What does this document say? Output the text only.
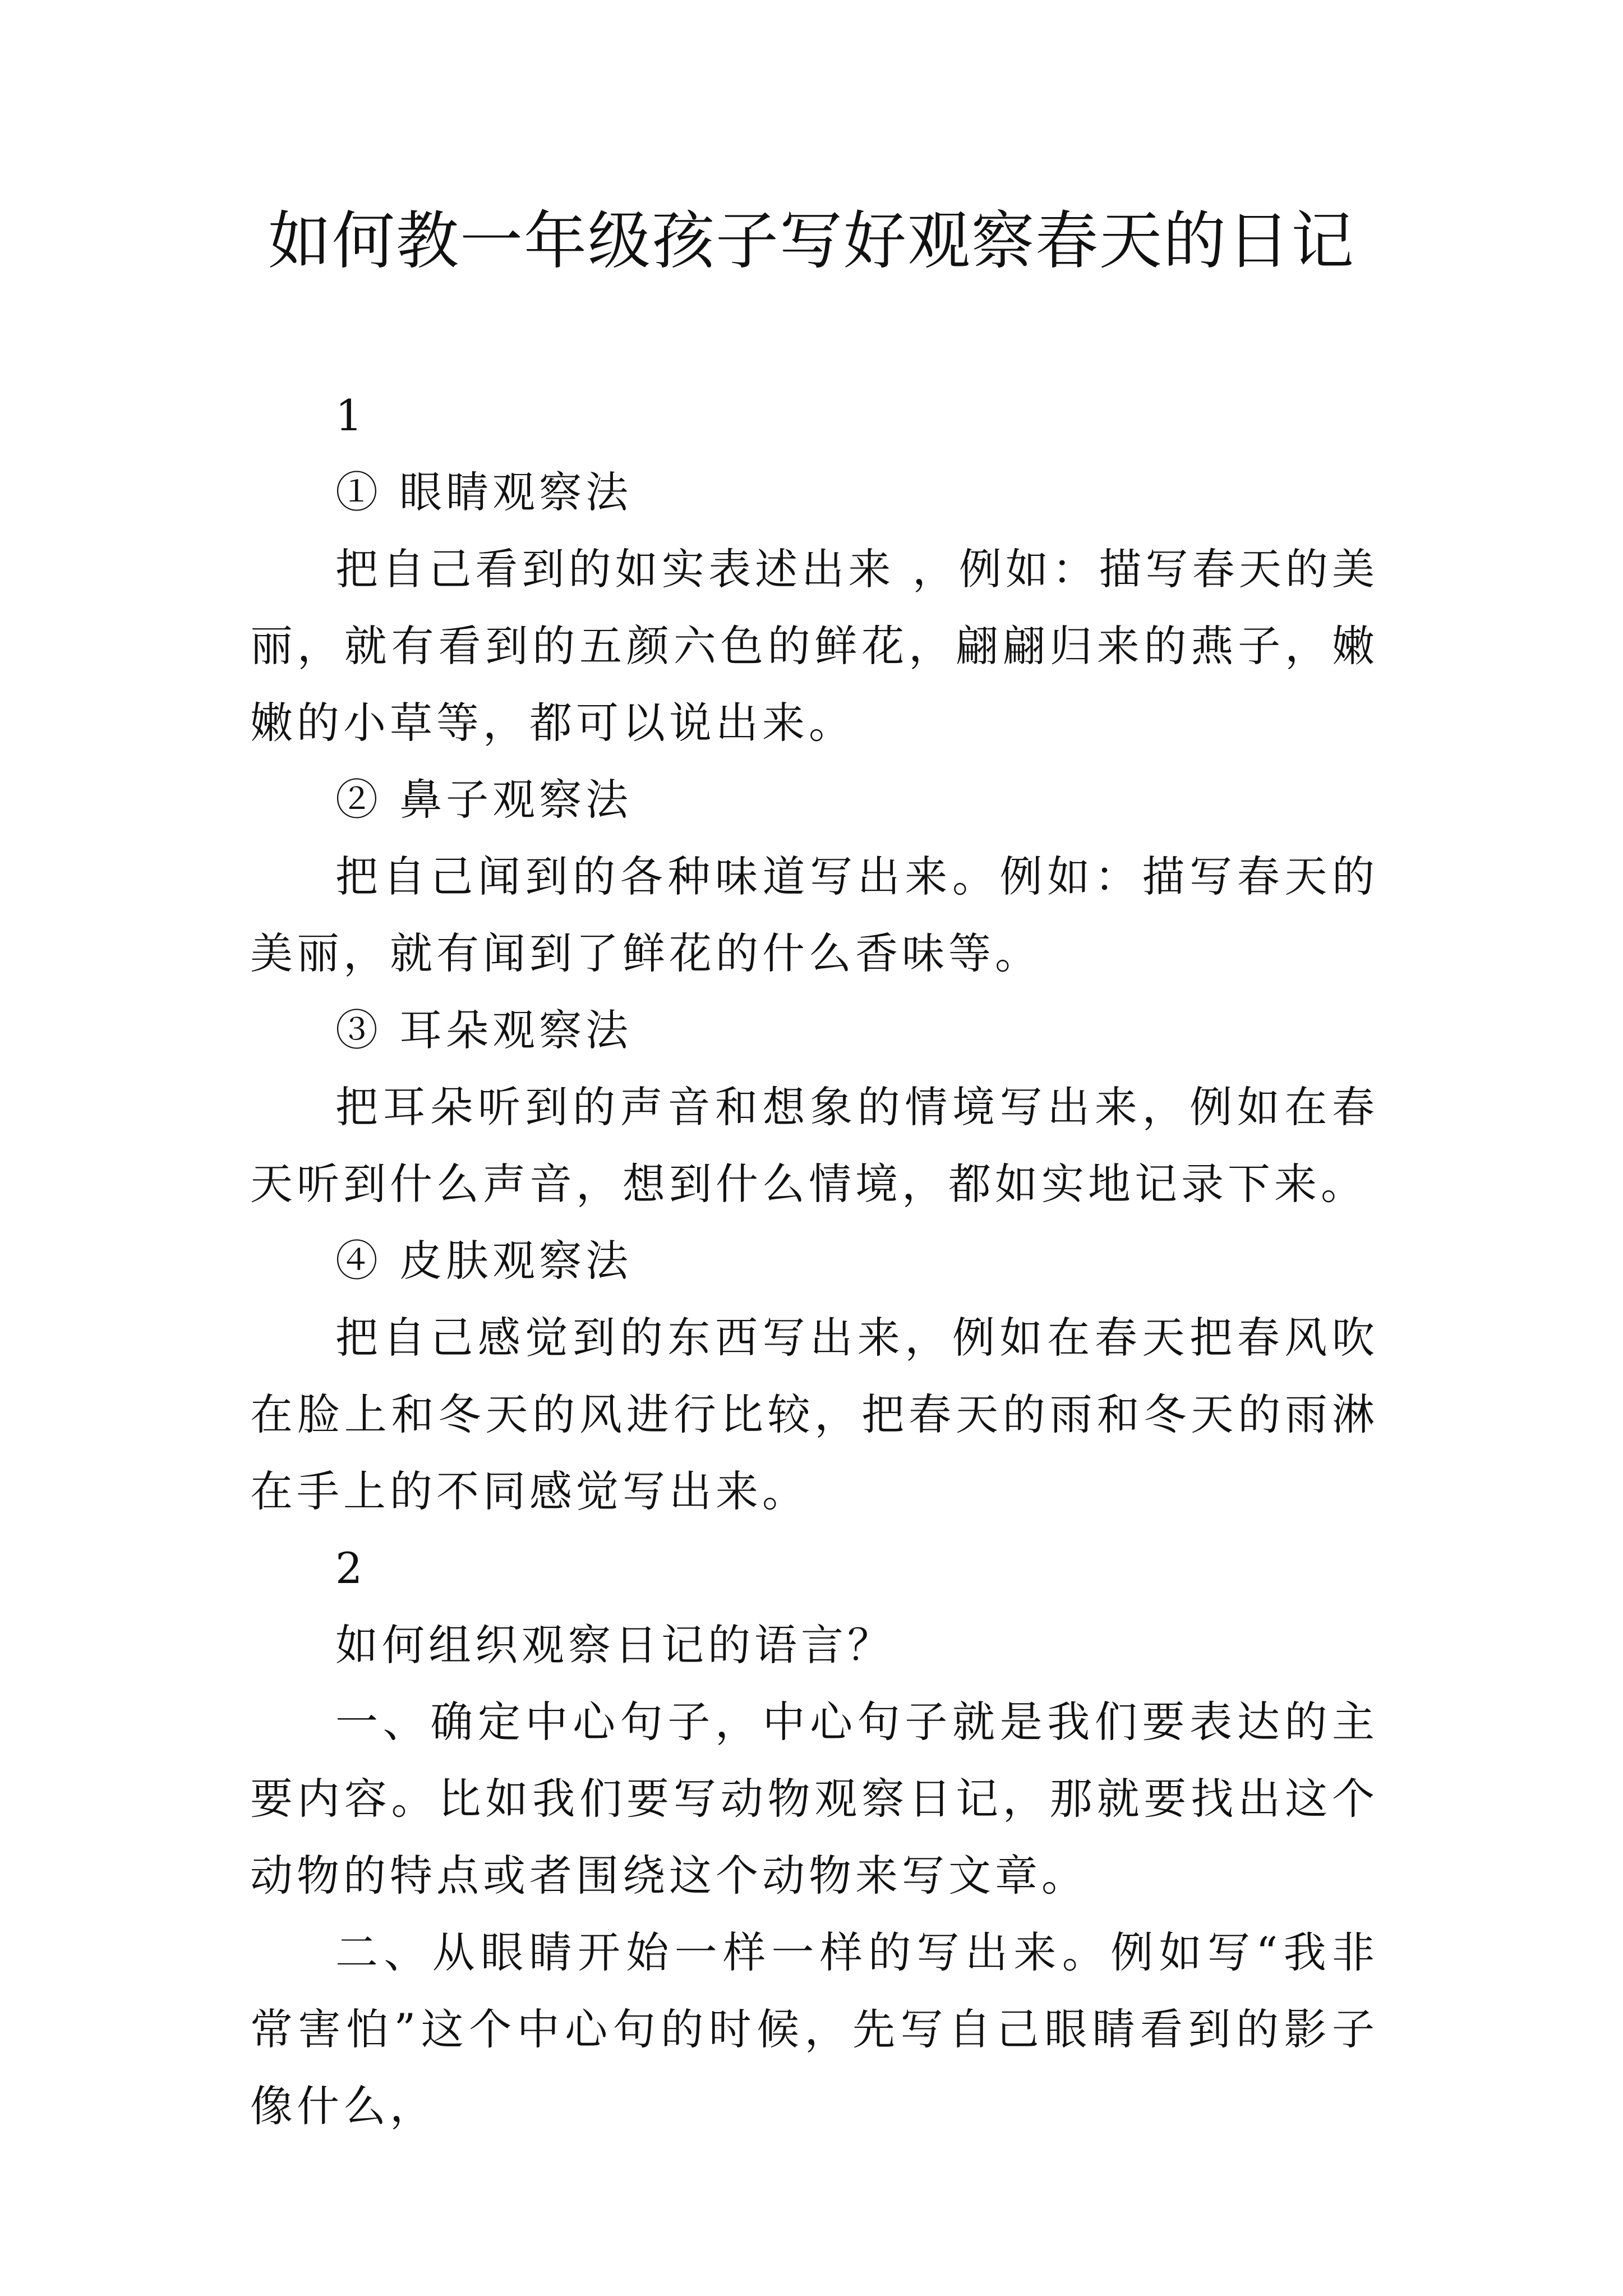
如何教一年级孩子写好观察春天的日记

1

① 眼睛观察法

把自己看到的如实表述出来 ，例如：描写春天的美丽，就有看到的五颜六色的鲜花，翩翩归来的燕子，嫩嫩的小草等，都可以说出来。

② 鼻子观察法

把自己闻到的各种味道写出来。例如：描写春天的美丽，就有闻到了鲜花的什么香味等。

③ 耳朵观察法

把耳朵听到的声音和想象的情境写出来，例如在春天听到什么声音，想到什么情境，都如实地记录下来。

④ 皮肤观察法

把自己感觉到的东西写出来，例如在春天把春风吹在脸上和冬天的风进行比较，把春天的雨和冬天的雨淋在手上的不同感觉写出来。

2

如何组织观察日记的语言？

一、确定中心句子，中心句子就是我们要表达的主要内容。比如我们要写动物观察日记，那就要找出这个动物的特点或者围绕这个动物来写文章。

二、从眼睛开始一样一样的写出来。例如写“我非常害怕”这个中心句的时候，先写自己眼睛看到的影子像什么，
